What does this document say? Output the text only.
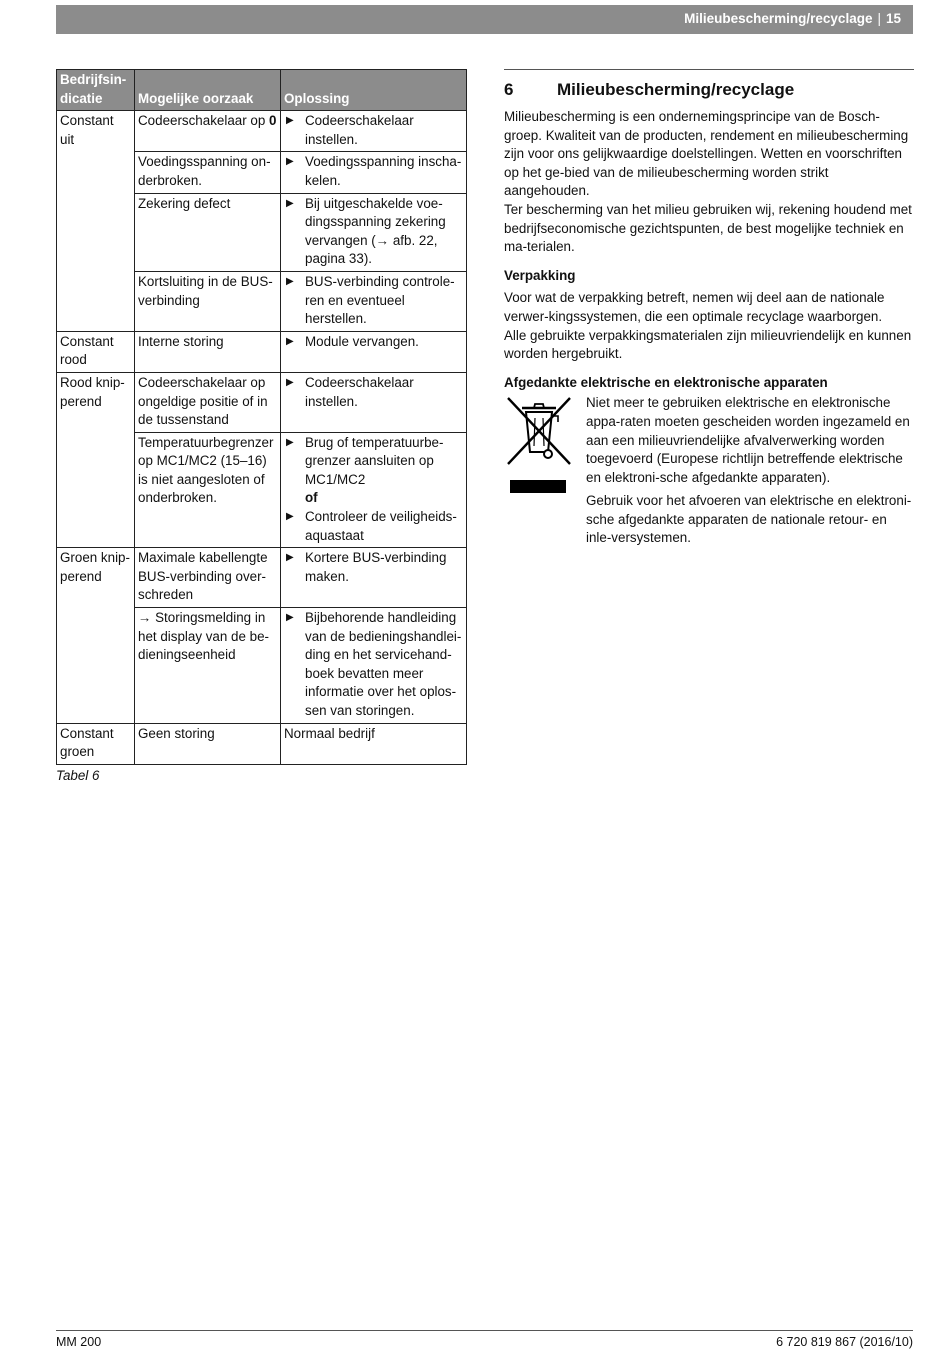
Milieubescherming/recyclage | 15
Bedrijfsin-dicatie	Mogelijke oorzaak	Oplossing
Constant uit	Codeerschakelaar op 0	▶ Codeerschakelaar instellen.

	Voedingsspanning on-derbroken.	▶ Voedingsspanning inscha-kelen.

	Zekering defect	▶ Bij uitgeschakelde voe-dingsspanning zekering vervangen (→ afb. 22, pagina 33).

	Kortsluiting in de BUS-verbinding	▶ BUS-verbinding controle-ren en eventueel herstellen.

Constant rood	Interne storing	▶ Module vervangen.

Rood knip-perend	Codeerschakelaar op ongeldige positie of in de tussenstand	▶ Codeerschakelaar instellen.

	Temperatuurbegrenzer op MC1/MC2 (15–16) is niet aangesloten of onderbroken.	▶ Brug of temperatuurbe-grenzer aansluiten op MC1/MC2
of
▶ Controleer de veiligheids-aquastaat

Groen knip-perend	Maximale kabellengte BUS-verbinding over-schreden	▶ Kortere BUS-verbinding maken.

	→ Storingsmelding in het display van de be-dieningseenheid	▶ Bijbehorende handleiding van de bedieningshandlei-ding en het servicehand-boek bevatten meer informatie over het oplos-sen van storingen.

Constant groen	Geen storing	Normaal bedrijf
Tabel 6
6	Milieubescherming/recyclage

Milieubescherming is een ondernemingsprincipe van de Bosch-groep. Kwaliteit van de producten, rendement en milieubescherming zijn voor ons gelijkwaardige doelstellingen. Wetten en voorschriften op het ge-bied van de milieubescherming worden strikt aangehouden.

Ter bescherming van het milieu gebruiken wij, rekening houdend met bedrijfseconomische gezichtspunten, de best mogelijke techniek en ma-terialen.

Verpakking

Voor wat de verpakking betreft, nemen wij deel aan de nationale verwer-kingssystemen, die een optimale recyclage waarborgen.

Alle gebruikte verpakkingsmaterialen zijn milieuvriendelijk en kunnen worden hergebruikt.

Afgedankte elektrische en elektronische apparaten

Niet meer te gebruiken elektrische en elektronische appa-raten moeten gescheiden worden ingezameld en aan een milieuvriendelijke afvalverwerking worden toegevoerd (Europese richtlijn betreffende elektrische en elektroni-sche afgedankte apparaten).

Gebruik voor het afvoeren van elektrische en elektroni-sche afgedankte apparaten de nationale retour- en inle-versystemen.

MM 200	6 720 819 867 (2016/10)
